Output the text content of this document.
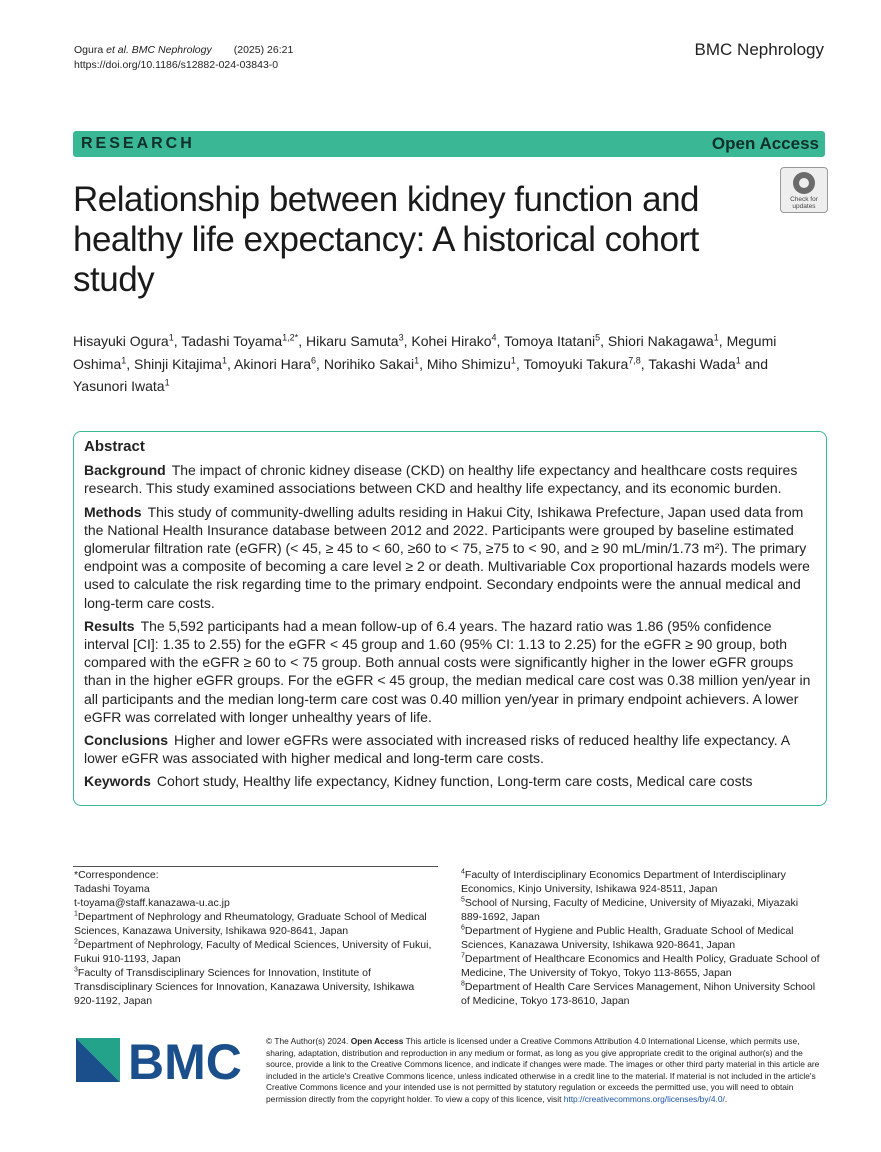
Ogura et al. BMC Nephrology (2025) 26:21
https://doi.org/10.1186/s12882-024-03843-0
BMC Nephrology
RESEARCH	Open Access
Check for updates
Relationship between kidney function and healthy life expectancy: A historical cohort study
Hisayuki Ogura$^1$, Tadashi Toyama$^{1,2*}$, Hikaru Samuta$^3$, Kohei Hirako$^4$, Tomoya Itatani$^5$, Shiori Nakagawa$^1$, Megumi Oshima$^1$, Shinji Kitajima$^1$, Akinori Hara$^6$, Norihiko Sakai$^1$, Miho Shimizu$^1$, Tomoyuki Takura$^{7,8}$, Takashi Wada$^1$ and Yasunori Iwata$^1$
Abstract

Background The impact of chronic kidney disease (CKD) on healthy life expectancy and healthcare costs requires research. This study examined associations between CKD and healthy life expectancy, and its economic burden.

Methods This study of community-dwelling adults residing in Hakui City, Ishikawa Prefecture, Japan used data from the National Health Insurance database between 2012 and 2022. Participants were grouped by baseline estimated glomerular filtration rate (eGFR) (< 45, ≥ 45 to < 60, ≥60 to < 75, ≥75 to < 90, and ≥ 90 mL/min/1.73 m²). The primary endpoint was a composite of becoming a care level ≥ 2 or death. Multivariable Cox proportional hazards models were used to calculate the risk regarding time to the primary endpoint. Secondary endpoints were the annual medical and long-term care costs.

Results The 5,592 participants had a mean follow-up of 6.4 years. The hazard ratio was 1.86 (95% confidence interval [CI]: 1.35 to 2.55) for the eGFR < 45 group and 1.60 (95% CI: 1.13 to 2.25) for the eGFR ≥ 90 group, both compared with the eGFR ≥ 60 to < 75 group. Both annual costs were significantly higher in the lower eGFR groups than in the higher eGFR groups. For the eGFR < 45 group, the median medical care cost was 0.38 million yen/year in all participants and the median long-term care cost was 0.40 million yen/year in primary endpoint achievers. A lower eGFR was correlated with longer unhealthy years of life.

Conclusions Higher and lower eGFRs were associated with increased risks of reduced healthy life expectancy. A lower eGFR was associated with higher medical and long-term care costs.

Keywords Cohort study, Healthy life expectancy, Kidney function, Long-term care costs, Medical care costs

*Correspondence:
Tadashi Toyama
t-toyama@staff.kanazawa-u.ac.jp
$^1$Department of Nephrology and Rheumatology, Graduate School of Medical Sciences, Kanazawa University, Ishikawa 920-8641, Japan
$^2$Department of Nephrology, Faculty of Medical Sciences, University of Fukui, Fukui 910-1193, Japan
$^3$Faculty of Transdisciplinary Sciences for Innovation, Institute of Transdisciplinary Sciences for Innovation, Kanazawa University, Ishikawa 920-1192, Japan
$^4$Faculty of Interdisciplinary Economics Department of Interdisciplinary Economics, Kinjo University, Ishikawa 924-8511, Japan
$^5$School of Nursing, Faculty of Medicine, University of Miyazaki, Miyazaki 889-1692, Japan
$^6$Department of Hygiene and Public Health, Graduate School of Medical Sciences, Kanazawa University, Ishikawa 920-8641, Japan
$^7$Department of Healthcare Economics and Health Policy, Graduate School of Medicine, The University of Tokyo, Tokyo 113-8655, Japan
$^8$Department of Health Care Services Management, Nihon University School of Medicine, Tokyo 173-8610, Japan
BMC	© The Author(s) 2024. Open Access This article is licensed under a Creative Commons Attribution 4.0 International License, which permits use, sharing, adaptation, distribution and reproduction in any medium or format, as long as you give appropriate credit to the original author(s) and the source, provide a link to the Creative Commons licence, and indicate if changes were made. The images or other third party material in this article are included in the article's Creative Commons licence, unless indicated otherwise in a credit line to the material. If material is not included in the article's Creative Commons licence and your intended use is not permitted by statutory regulation or exceeds the permitted use, you will need to obtain permission directly from the copyright holder. To view a copy of this licence, visit http://creativecommons.org/licenses/by/4.0/.
